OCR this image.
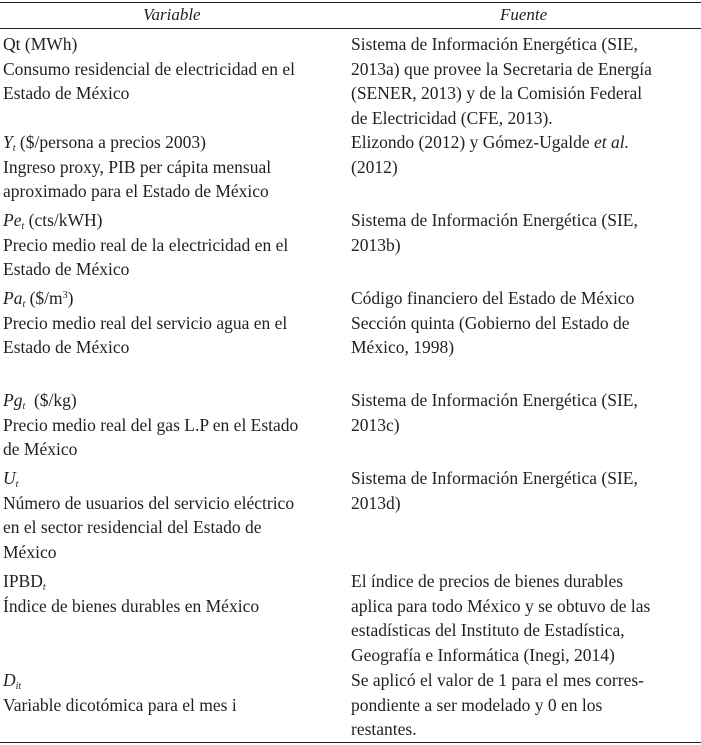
Variable	Fuente
Qt (MWh)
Consumo residencial de electricidad en el
Estado de México
Sistema de Información Energética (SIE,
2013a) que provee la Secretaria de Energía
(SENER, 2013) y de la Comisión Federal
de Electricidad (CFE, 2013).
$Y_t$ ($/persona a precios 2003)
Ingreso proxy, PIB per cápita mensual
aproximado para el Estado de México
Elizondo (2012) y Gómez-Ugalde et al.
(2012)
$Pe_t$ (cts/kWH)
Precio medio real de la electricidad en el
Estado de México
Sistema de Información Energética (SIE,
2013b)
$Pa_t$ $(\$/m^3)$
Precio medio real del servicio agua en el
Estado de México
Código financiero del Estado de México
Sección quinta (Gobierno del Estado de
México, 1998)
$Pg_t$  ($/kg)
Precio medio real del gas L.P en el Estado
de México
Sistema de Información Energética (SIE,
2013c)
$U_t$
Número de usuarios del servicio eléctrico
en el sector residencial del Estado de
México
Sistema de Información Energética (SIE,
2013d)
$IPBD_t$
Índice de bienes durables en México
El índice de precios de bienes durables
aplica para todo México y se obtuvo de las
estadísticas del Instituto de Estadística,
Geografía e Informática (Inegi, 2014)
$D_{it}$
Variable dicotómica para el mes i
Se aplicó el valor de 1 para el mes corres-
pondiente a ser modelado y 0 en los
restantes.
